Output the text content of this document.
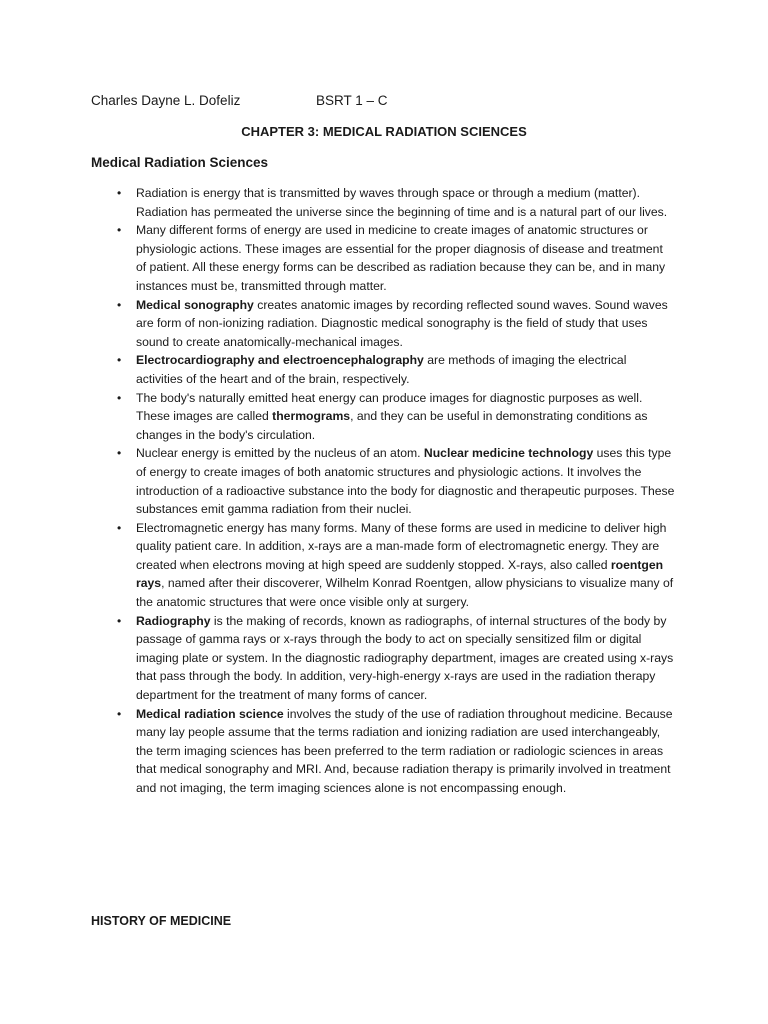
Charles Dayne L. Dofeliz	BSRT 1 – C
CHAPTER 3: MEDICAL RADIATION SCIENCES
Medical Radiation Sciences
• Radiation is energy that is transmitted by waves through space or through a medium (matter). Radiation has permeated the universe since the beginning of time and is a natural part of our lives.
• Many different forms of energy are used in medicine to create images of anatomic structures or physiologic actions. These images are essential for the proper diagnosis of disease and treatment of patient. All these energy forms can be described as radiation because they can be, and in many instances must be, transmitted through matter.
• Medical sonography creates anatomic images by recording reflected sound waves. Sound waves are form of non-ionizing radiation. Diagnostic medical sonography is the field of study that uses sound to create anatomically-mechanical images.
• Electrocardiography and electroencephalography are methods of imaging the electrical activities of the heart and of the brain, respectively.
• The body's naturally emitted heat energy can produce images for diagnostic purposes as well. These images are called thermograms, and they can be useful in demonstrating conditions as changes in the body's circulation.
• Nuclear energy is emitted by the nucleus of an atom. Nuclear medicine technology uses this type of energy to create images of both anatomic structures and physiologic actions. It involves the introduction of a radioactive substance into the body for diagnostic and therapeutic purposes. These substances emit gamma radiation from their nuclei.
• Electromagnetic energy has many forms. Many of these forms are used in medicine to deliver high quality patient care. In addition, x-rays are a man-made form of electromagnetic energy. They are created when electrons moving at high speed are suddenly stopped. X-rays, also called roentgen rays, named after their discoverer, Wilhelm Konrad Roentgen, allow physicians to visualize many of the anatomic structures that were once visible only at surgery.
• Radiography is the making of records, known as radiographs, of internal structures of the body by passage of gamma rays or x-rays through the body to act on specially sensitized film or digital imaging plate or system. In the diagnostic radiography department, images are created using x-rays that pass through the body. In addition, very-high-energy x-rays are used in the radiation therapy department for the treatment of many forms of cancer.
• Medical radiation science involves the study of the use of radiation throughout medicine. Because many lay people assume that the terms radiation and ionizing radiation are used interchangeably, the term imaging sciences has been preferred to the term radiation or radiologic sciences in areas that medical sonography and MRI. And, because radiation therapy is primarily involved in treatment and not imaging, the term imaging sciences alone is not encompassing enough.
HISTORY OF MEDICINE
